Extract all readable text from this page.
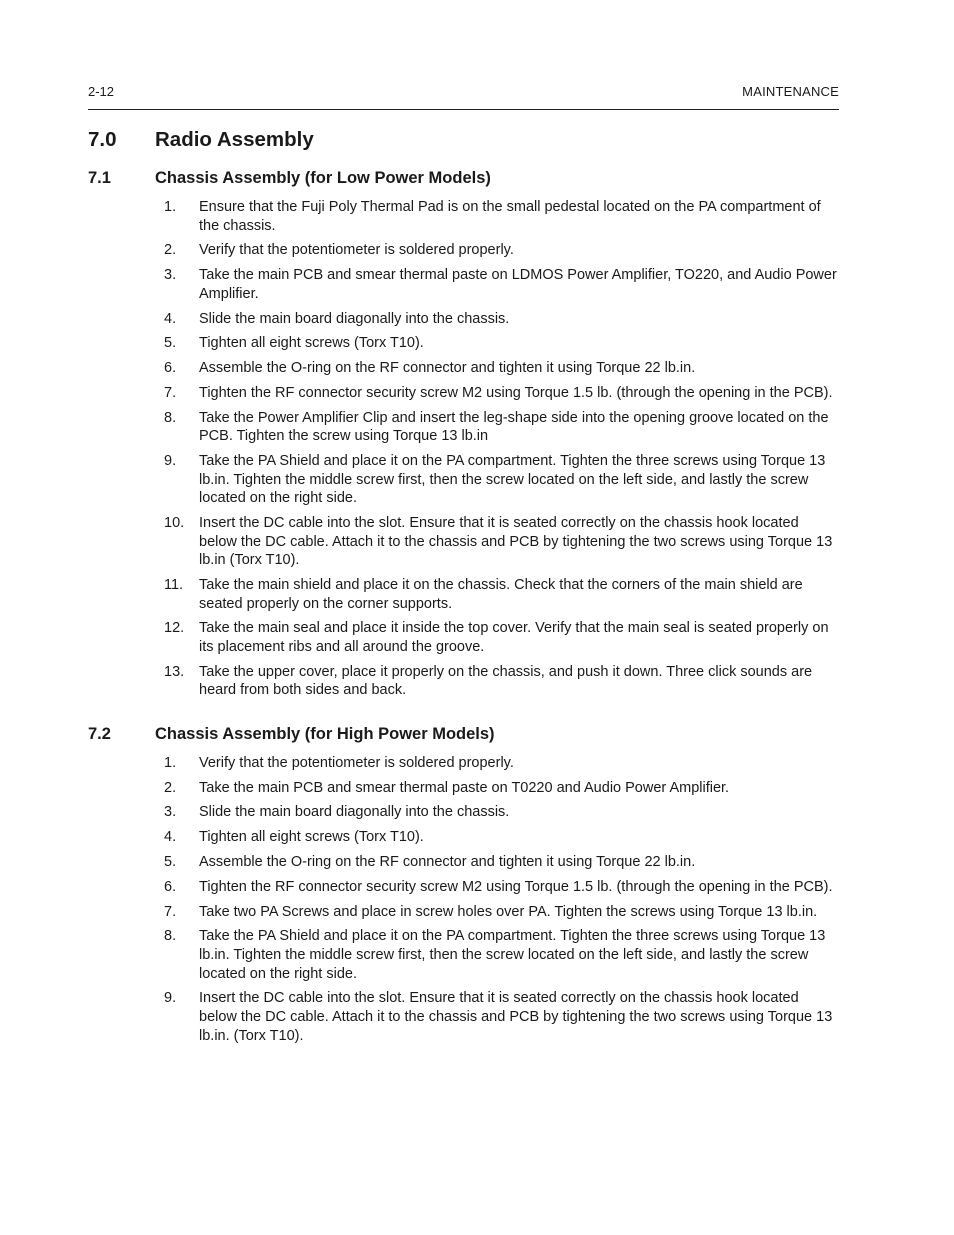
2-12	MAINTENANCE
7.0	Radio Assembly
7.1	Chassis Assembly (for Low Power Models)
1.	Ensure that the Fuji Poly Thermal Pad is on the small pedestal located on the PA compartment of the chassis.
2.	Verify that the potentiometer is soldered properly.
3.	Take the main PCB and smear thermal paste on LDMOS Power Amplifier, TO220, and Audio Power Amplifier.
4.	Slide the main board diagonally into the chassis.
5.	Tighten all eight screws (Torx T10).
6.	Assemble the O-ring on the RF connector and tighten it using Torque 22 lb.in.
7.	Tighten the RF connector security screw M2 using Torque 1.5 lb. (through the opening in the PCB).
8.	Take the Power Amplifier Clip and insert the leg-shape side into the opening groove located on the PCB. Tighten the screw using Torque 13 lb.in
9.	Take the PA Shield and place it on the PA compartment. Tighten the three screws using Torque 13 lb.in. Tighten the middle screw first, then the screw located on the left side, and lastly the screw located on the right side.
10.	Insert the DC cable into the slot. Ensure that it is seated correctly on the chassis hook located below the DC cable. Attach it to the chassis and PCB by tightening the two screws using Torque 13 lb.in (Torx T10).
11.	Take the main shield and place it on the chassis. Check that the corners of the main shield are seated properly on the corner supports.
12.	Take the main seal and place it inside the top cover. Verify that the main seal is seated properly on its placement ribs and all around the groove.
13.	Take the upper cover, place it properly on the chassis, and push it down. Three click sounds are heard from both sides and back.
7.2	Chassis Assembly (for High Power Models)
1.	Verify that the potentiometer is soldered properly.
2.	Take the main PCB and smear thermal paste on T0220 and Audio Power Amplifier.
3.	Slide the main board diagonally into the chassis.
4.	Tighten all eight screws (Torx T10).
5.	Assemble the O-ring on the RF connector and tighten it using Torque 22 lb.in.
6.	Tighten the RF connector security screw M2 using Torque 1.5 lb. (through the opening in the PCB).
7.	Take two PA Screws and place in screw holes over PA. Tighten the screws using Torque 13 lb.in.
8.	Take the PA Shield and place it on the PA compartment. Tighten the three screws using Torque 13 lb.in. Tighten the middle screw first, then the screw located on the left side, and lastly the screw located on the right side.
9.	Insert the DC cable into the slot. Ensure that it is seated correctly on the chassis hook located below the DC cable. Attach it to the chassis and PCB by tightening the two screws using Torque 13 lb.in. (Torx T10).
